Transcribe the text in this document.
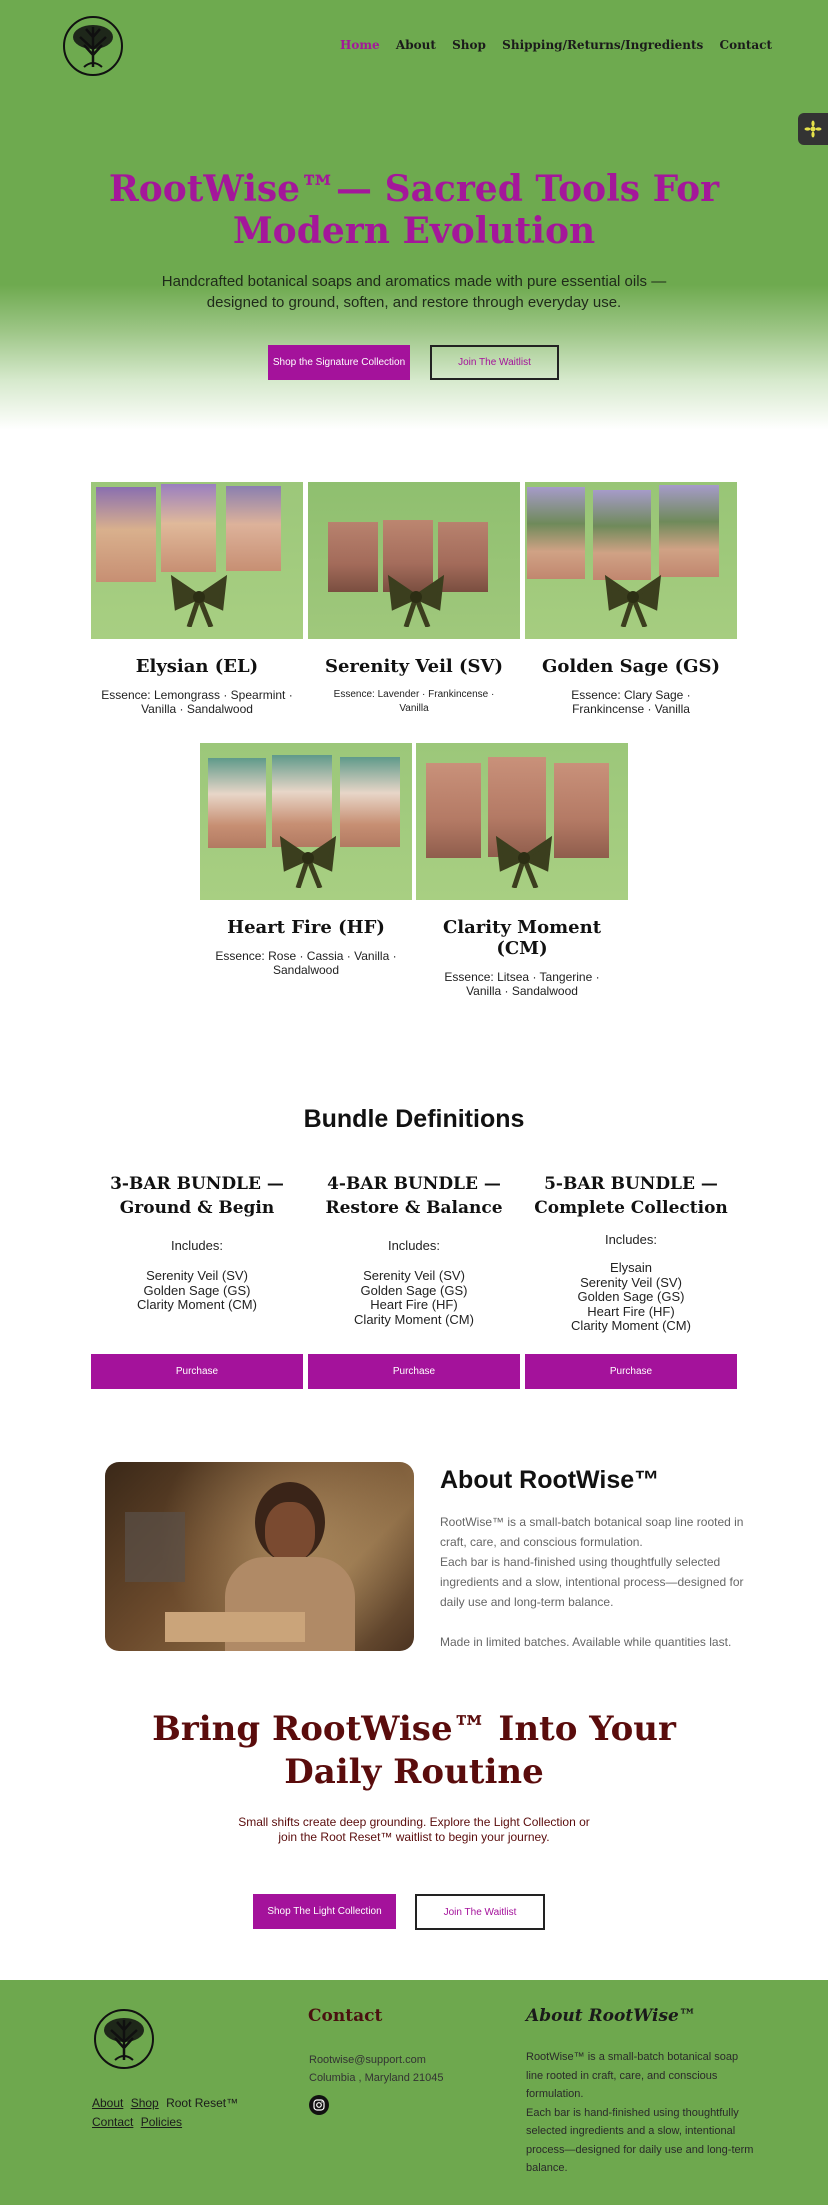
Home About Shop Shipping/Returns/Ingredients Contact
RootWise™— Sacred Tools For Modern Evolution

Handcrafted botanical soaps and aromatics made with pure essential oils — designed to ground, soften, and restore through everyday use.

Shop the Signature Collection	Join The Waitlist
Elysian (EL)
Essence: Lemongrass · Spearmint · Vanilla · Sandalwood
Serenity Veil (SV)
Essence: Lavender · Frankincense · Vanilla
Golden Sage (GS)
Essence: Clary Sage · Frankincense · Vanilla
Heart Fire (HF)
Essence: Rose · Cassia · Vanilla · Sandalwood
Clarity Moment (CM)
Essence: Litsea · Tangerine · Vanilla · Sandalwood
Bundle Definitions
3-BAR BUNDLE — Ground & Begin
Includes:
Serenity Veil (SV)
Golden Sage (GS)
Clarity Moment (CM)
4-BAR BUNDLE — Restore & Balance
Includes:
Serenity Veil (SV)
Golden Sage (GS)
Heart Fire (HF)
Clarity Moment (CM)
5-BAR BUNDLE — Complete Collection
Includes:
Elysain
Serenity Veil (SV)
Golden Sage (GS)
Heart Fire (HF)
Clarity Moment (CM)
Purchase	Purchase	Purchase
About RootWise™

RootWise™ is a small-batch botanical soap line rooted in craft, care, and conscious formulation.

Each bar is hand-finished using thoughtfully selected ingredients and a slow, intentional process—designed for daily use and long-term balance.

Made in limited batches. Available while quantities last.

Bring RootWise™ Into Your Daily Routine

Small shifts create deep grounding. Explore the Light Collection or join the Root Reset™ waitlist to begin your journey.

Shop The Light Collection	Join The Waitlist
About Shop Root Reset™
Contact Policies
Contact
Rootwise@support.com
Columbia , Maryland 21045
About RootWise™

RootWise™ is a small-batch botanical soap line rooted in craft, care, and conscious formulation.

Each bar is hand-finished using thoughtfully selected ingredients and a slow, intentional process—designed for daily use and long-term balance.
